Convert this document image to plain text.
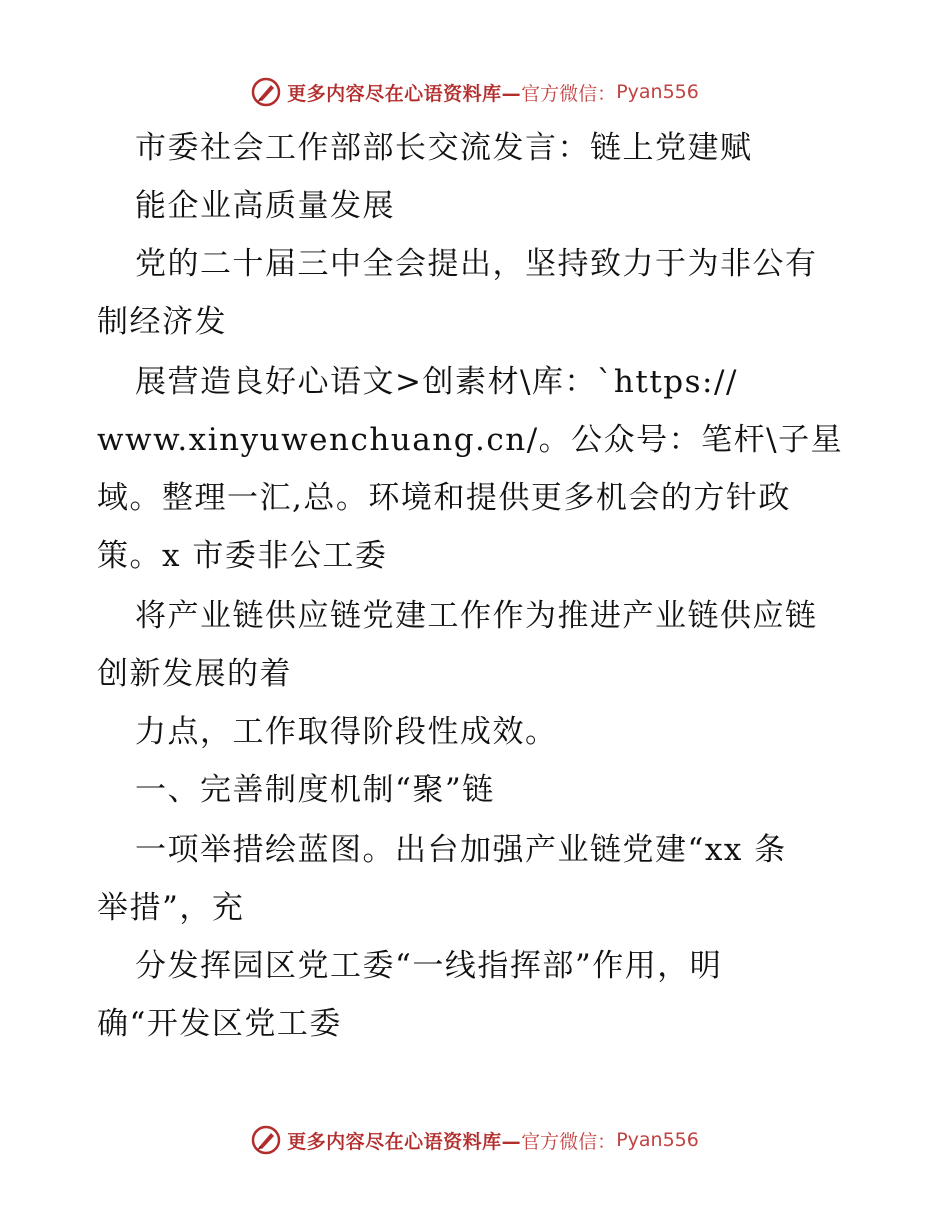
更多内容尽在心语资料库— 官方微信： Pyan556
市委社会工作部部长交流发言：链上党建赋
能企业高质量发展
党的二十届三中全会提出，坚持致力于为非公有
制经济发
展营造良好心语文>创素材\库：`https://
www.xinyuwenchuang.cn/。公众号：笔杆\子星
域。整理一汇,总。环境和提供更多机会的方针政
策。x 市委非公工委
将产业链供应链党建工作作为推进产业链供应链
创新发展的着
力点，工作取得阶段性成效。
一、完善制度机制“聚”链
一项举措绘蓝图。出台加强产业链党建“xx 条
举措”，充
分发挥园区党工委“一线指挥部”作用，明
确“开发区党工委
更多内容尽在心语资料库— 官方微信： Pyan556
